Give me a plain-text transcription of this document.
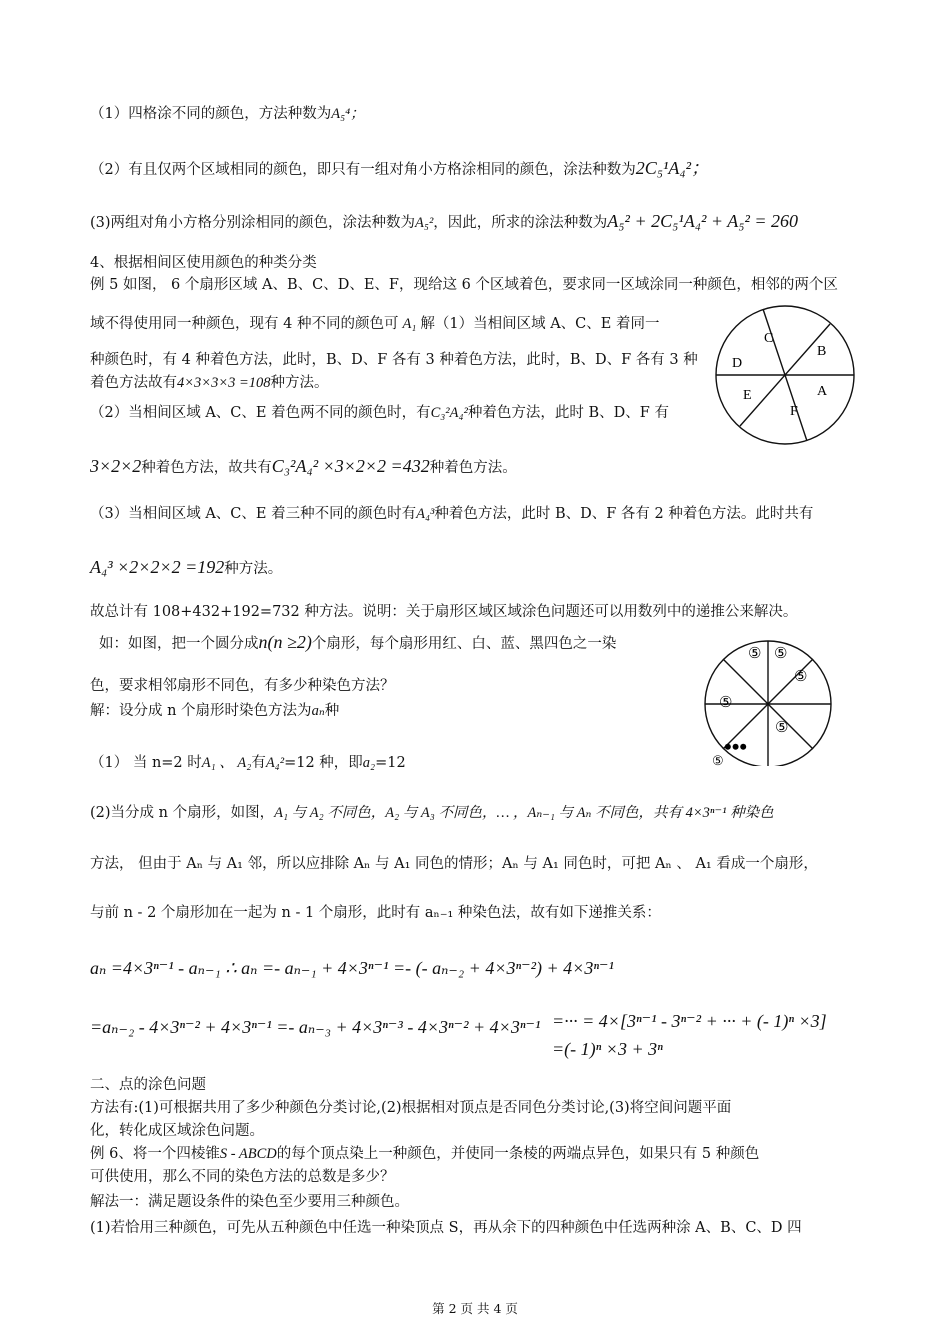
（1）四格涂不同的颜色，方法种数为A₅⁴；
（2）有且仅两个区域相同的颜色，即只有一组对角小方格涂相同的颜色，涂法种数为2C₅¹A₄²；
(3)两组对角小方格分别涂相同的颜色，涂法种数为A₅²，因此，所求的涂法种数为A₅² + 2C₅¹A₄² + A₅² = 260
4、根据相间区使用颜色的种类分类
例 5 如图， 6 个扇形区域 A、B、C、D、E、F，现给这 6 个区域着色，要求同一区域涂同一种颜色，相邻的两个区
域不得使用同一种颜色，现有 4 种不同的颜色可 A₁ 解（1）当相间区域 A、C、E 着同一
种颜色时，有 4 种着色方法，此时，B、D、F 各有 3 种着色方法，此时，B、D、F 各有 3 种
着色方法故有4×3×3×3 =108种方法。
（2）当相间区域 A、C、E 着色两不同的颜色时，有C₃²A₄²种着色方法，此时 B、D、F 有
3×2×2种着色方法，故共有C₃²A₄² ×3×2×2 =432种着色方法。
（3）当相间区域 A、C、E 着三种不同的颜色时有A₄³种着色方法，此时 B、D、F 各有 2 种着色方法。此时共有
A₄³ ×2×2×2 =192种方法。
故总计有 108+432+192=732 种方法。说明：关于扇形区域区域涂色问题还可以用数列中的递推公来解决。
如：如图，把一个圆分成n(n ≥2)个扇形，每个扇形用红、白、蓝、黑四色之一染
色，要求相邻扇形不同色，有多少种染色方法？
解：设分成 n 个扇形时染色方法为aₙ种
（1） 当 n=2 时A₁ 、 A₂有A₄²=12 种，即a₂=12
(2)当分成 n 个扇形，如图，A₁ 与 A₂ 不同色，A₂ 与 A₃ 不同色，… ，Aₙ₋₁ 与 Aₙ 不同色，共有 4×3ⁿ⁻¹ 种染色
方法， 但由于 Aₙ 与 A₁ 邻，所以应排除 Aₙ 与 A₁ 同色的情形；Aₙ 与 A₁ 同色时，可把 Aₙ 、 A₁ 看成一个扇形，
与前 n - 2 个扇形加在一起为 n - 1 个扇形，此时有 aₙ₋₁ 种染色法，故有如下递推关系：
aₙ =4×3ⁿ⁻¹ - aₙ₋₁ ∴ aₙ =- aₙ₋₁ + 4×3ⁿ⁻¹ =- (- aₙ₋₂ + 4×3ⁿ⁻²) + 4×3ⁿ⁻¹
=aₙ₋₂ - 4×3ⁿ⁻² + 4×3ⁿ⁻¹ =- aₙ₋₃ + 4×3ⁿ⁻³ - 4×3ⁿ⁻² + 4×3ⁿ⁻¹ =··· = 4×[3ⁿ⁻¹ - 3ⁿ⁻² + ··· + (- 1)ⁿ ×3]
=(- 1)ⁿ ×3 + 3ⁿ
二、点的涂色问题
方法有:(1)可根据共用了多少种颜色分类讨论,(2)根据相对顶点是否同色分类讨论,(3)将空间问题平面
化，转化成区域涂色问题。
例 6、将一个四棱锥S - ABCD的每个顶点染上一种颜色，并使同一条棱的两端点异色，如果只有 5 种颜色
可供使用，那么不同的染色方法的总数是多少？
解法一：满足题设条件的染色至少要用三种颜色。
(1)若恰用三种颜色，可先从五种颜色中任选一种染顶点 S，再从余下的四种颜色中任选两种涂 A、B、C、D 四
C
B
D
A
E
F
⑤ ⑤
⑤
⑤
⑤
⑤
•••
第 2 页 共 4 页
